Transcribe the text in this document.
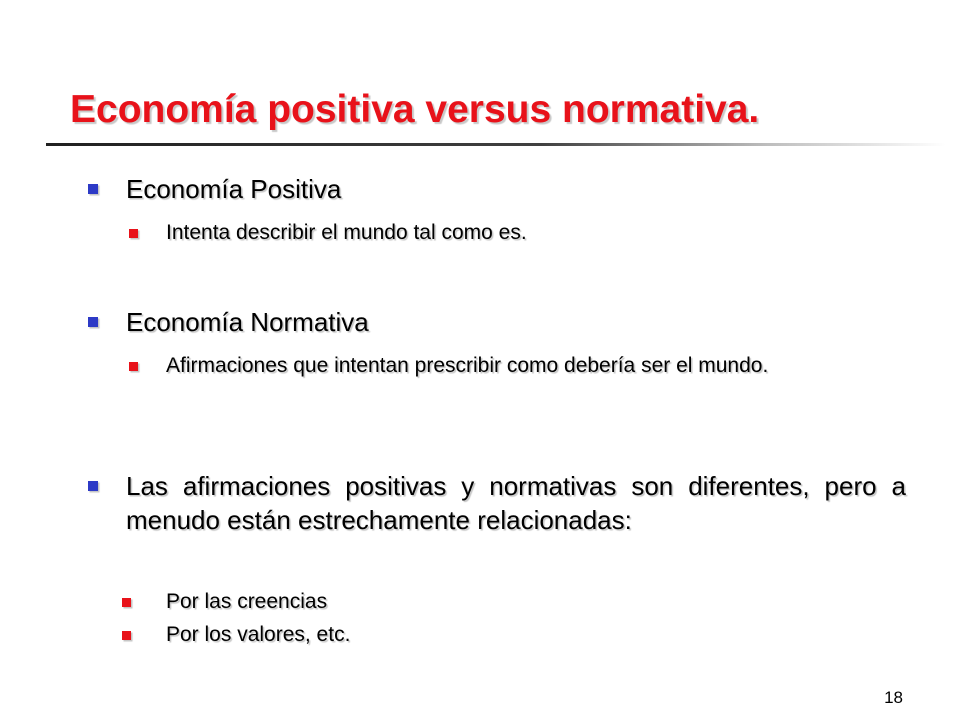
Economía positiva versus normativa.
Economía Positiva
Intenta describir el mundo tal como es.
Economía Normativa
Afirmaciones que intentan prescribir como debería ser el mundo.
Las afirmaciones positivas y normativas son diferentes, pero a menudo están estrechamente relacionadas:
Por las creencias
Por los valores, etc.
18
